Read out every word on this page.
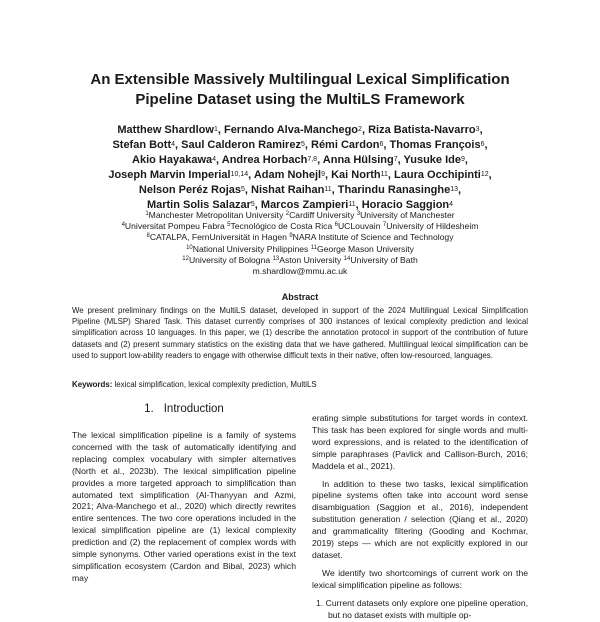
An Extensible Massively Multilingual Lexical Simplification
Pipeline Dataset using the MultiLS Framework
Matthew Shardlow$^1$, Fernando Alva-Manchego$^2$, Riza Batista-Navarro$^3$,
Stefan Bott$^4$, Saul Calderon Ramirez$^5$, Rémi Cardon$^6$, Thomas François$^6$,
Akio Hayakawa$^4$, Andrea Horbach$^{7,8}$, Anna Hülsing$^7$, Yusuke Ide$^9$,
Joseph Marvin Imperial$^{10,14}$, Adam Nohejl$^9$, Kai North$^{11}$, Laura Occhipinti$^{12}$,
Nelson Peréz Rojas$^5$, Nishat Raihan$^{11}$, Tharindu Ranasinghe$^{13}$,
Martin Solis Salazar$^5$, Marcos Zampieri$^{11}$, Horacio Saggion$^4$
$^1$Manchester Metropolitan University $^2$Cardiff University $^3$University of Manchester
$^4$Universitat Pompeu Fabra $^5$Tecnológico de Costa Rica $^6$UCLouvain $^7$University of Hildesheim
$^8$CATALPA, FernUniversität in Hagen $^9$NARA Institute of Science and Technology
$^{10}$National University Philippines $^{11}$George Mason University
$^{12}$University of Bologna $^{13}$Aston University $^{14}$University of Bath
m.shardlow@mmu.ac.uk
Abstract
We present preliminary findings on the MultiLS dataset, developed in support of the 2024 Multilingual Lexical Simplification Pipeline (MLSP) Shared Task. This dataset currently comprises of 300 instances of lexical complexity prediction and lexical simplification across 10 languages. In this paper, we (1) describe the annotation protocol in support of the contribution of future datasets and (2) present summary statistics on the existing data that we have gathered. Multilingual lexical simplification can be used to support low-ability readers to engage with otherwise difficult texts in their native, often low-resourced, languages.
Keywords: lexical simplification, lexical complexity prediction, MultiLS
1. Introduction

The lexical simplification pipeline is a family of systems concerned with the task of automatically identifying and replacing complex vocabulary with simpler alternatives (North et al., 2023b). The lexical simplification pipeline provides a more targeted approach to simplification than automated text simplification (Al-Thanyyan and Azmi, 2021; Alva-Manchego et al., 2020) which directly rewrites entire sentences. The two core operations included in the lexical simplification pipeline are (1) lexical complexity prediction and (2) the replacement of complex words with simple synonyms. Other varied operations exist in the text simplification ecosystem (Cardon and Bibal, 2023) which may

erating simple substitutions for target words in context. This task has been explored for single words and multi-word expressions, and is related to the identification of simple paraphrases (Pavlick and Callison-Burch, 2016; Maddela et al., 2021).

In addition to these two tasks, lexical simplification pipeline systems often take into account word sense disambiguation (Saggion et al., 2016), independent substitution generation / selection (Qiang et al., 2020) and grammaticality filtering (Gooding and Kochmar, 2019) steps — which are not explicitly explored in our dataset.

We identify two shortcomings of current work on the lexical simplification pipeline as follows:

1. Current datasets only explore one pipeline operation, but no dataset exists with multiple op-
